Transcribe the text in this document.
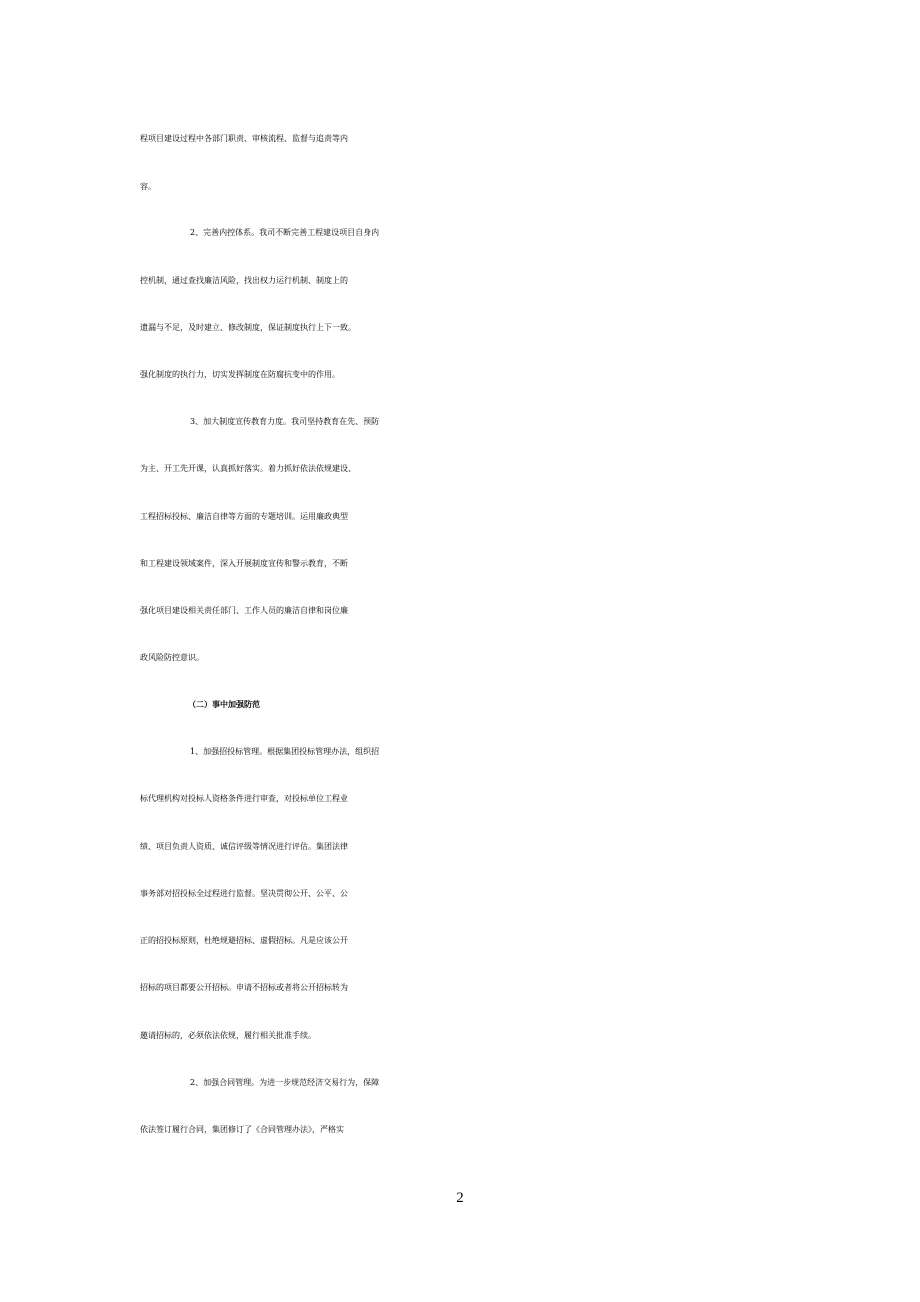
程项目建设过程中各部门职责、审核流程、监督与追责等内
容。
2、完善内控体系。我司不断完善工程建设项目自身内
控机制，通过查找廉洁风险，找出权力运行机制、制度上的
遗漏与不足，及时建立、修改制度，保证制度执行上下一致。
强化制度的执行力，切实发挥制度在防腐抗变中的作用。
3、加大制度宣传教育力度。我司坚持教育在先、预防
为主、开工先开课，认真抓好落实。着力抓好依法依规建设、
工程招标投标、廉洁自律等方面的专题培训。运用廉政典型
和工程建设领域案件，深入开展制度宣传和警示教育，不断
强化项目建设相关责任部门、工作人员的廉洁自律和岗位廉
政风险防控意识。
（二）事中加强防范
1、加强招投标管理。根据集团投标管理办法，组织招
标代理机构对投标人资格条件进行审查，对投标单位工程业
绩、项目负责人资质、诚信评级等情况进行评估。集团法律
事务部对招投标全过程进行监督。坚决贯彻公开、公平、公
正的招投标原则，杜绝规避招标、虚假招标。凡是应该公开
招标的项目都要公开招标。申请不招标或者将公开招标转为
邀请招标的，必须依法依规，履行相关批准手续。
2、加强合同管理。为进一步规范经济交易行为，保障
依法签订履行合同，集团修订了《合同管理办法》，严格实
2
